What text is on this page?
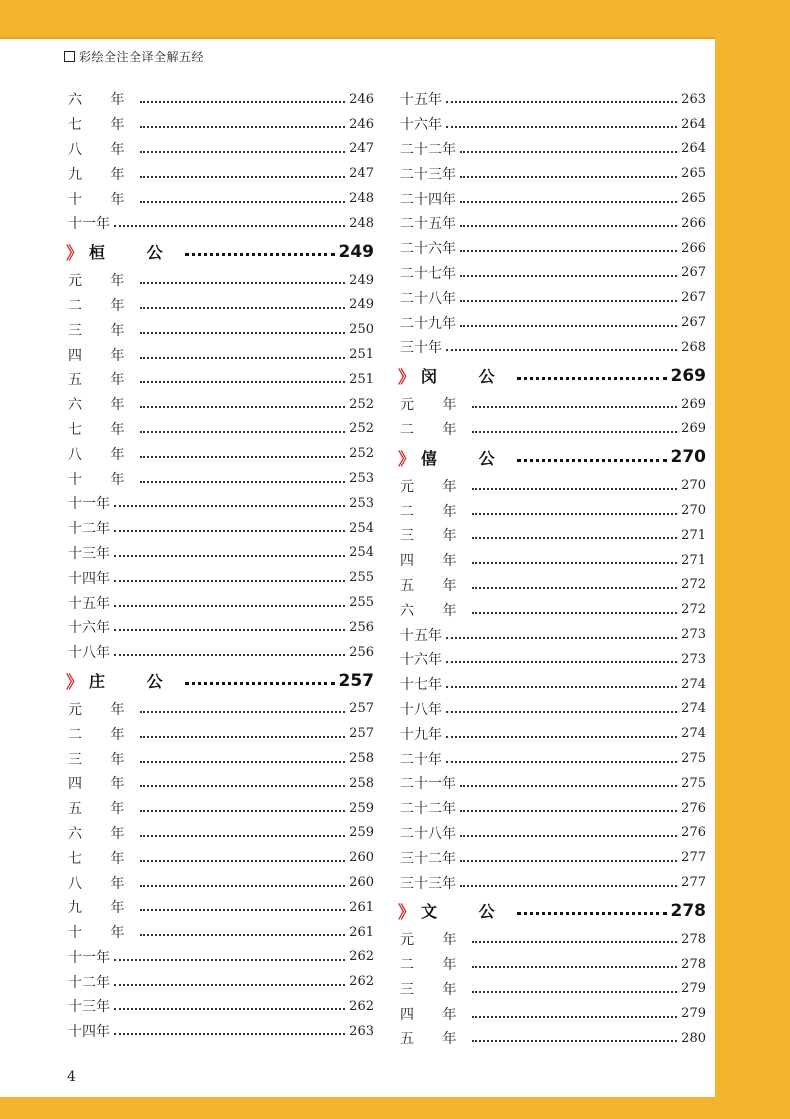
彩绘全注全译全解五经
六 年	246
七 年	246
八 年	247
九 年	247
十 年	248
十一年	248
》 桓 公	249
元 年	249
二 年	249
三 年	250
四 年	251
五 年	251
六 年	252
七 年	252
八 年	252
十 年	253
十一年	253
十二年	254
十三年	254
十四年	255
十五年	255
十六年	256
十八年	256
》 庄 公	257
元 年	257
二 年	257
三 年	258
四 年	258
五 年	259
六 年	259
七 年	260
八 年	260
九 年	261
十 年	261
十一年	262
十二年	262
十三年	262
十四年	263
十五年	263
十六年	264
二十二年	264
二十三年	265
二十四年	265
二十五年	266
二十六年	266
二十七年	267
二十八年	267
二十九年	267
三十年	268
》 闵 公	269
元 年	269
二 年	269
》 僖 公	270
元 年	270
二 年	270
三 年	271
四 年	271
五 年	272
六 年	272
十五年	273
十六年	273
十七年	274
十八年	274
十九年	274
二十年	275
二十一年	275
二十二年	276
二十八年	276
三十二年	277
三十三年	277
》 文 公	278
元 年	278
二 年	278
三 年	279
四 年	279
五 年	280
4
